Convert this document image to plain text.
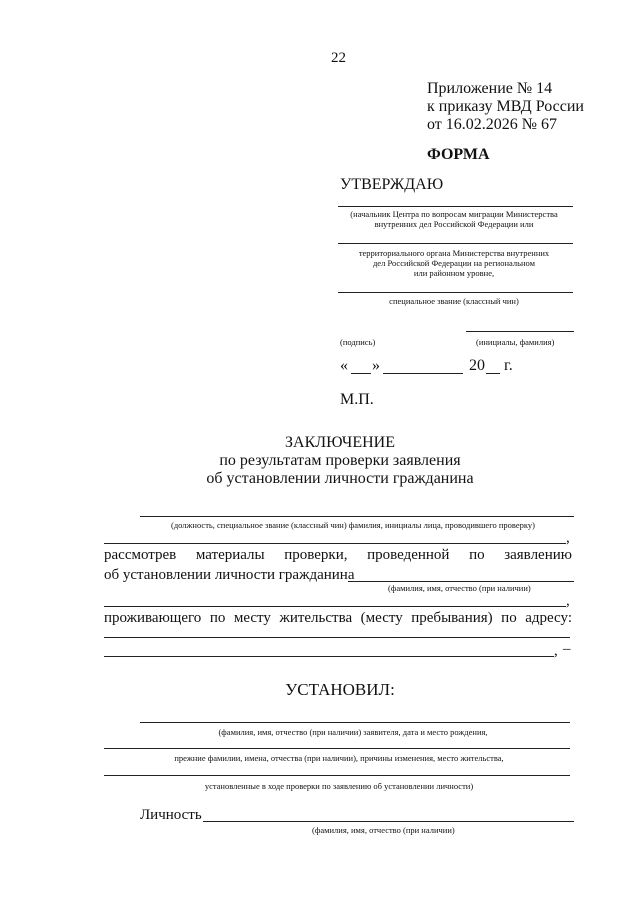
22
Приложение № 14
к приказу МВД России
от 16.02.2026 № 67
ФОРМА
УТВЕРЖДАЮ
(начальник Центра по вопросам миграции Министерства
внутренних дел Российской Федерации или
территориального органа Министерства внутренних
дел Российской Федерации на региональном
или районном уровне,
специальное звание (классный чин)
(подпись)	(инициалы, фамилия)
« »	20 г.
М.П.
ЗАКЛЮЧЕНИЕ
по результатам проверки заявления
об установлении личности гражданина
(должность, специальное звание (классный чин) фамилия, инициалы лица, проводившего проверку)
,
рассмотрев материалы проверки, проведенной по заявлению
об установлении личности гражданина
(фамилия, имя, отчество (при наличии)
,
проживающего по месту жительства (месту пребывания) по адресу:
, –
УСТАНОВИЛ:
(фамилия, имя, отчество (при наличии) заявителя, дата и место рождения,
прежние фамилии, имена, отчества (при наличии), причины изменения, место жительства,
установленные в ходе проверки по заявлению об установлении личности)
Личность
(фамилия, имя, отчество (при наличии)
